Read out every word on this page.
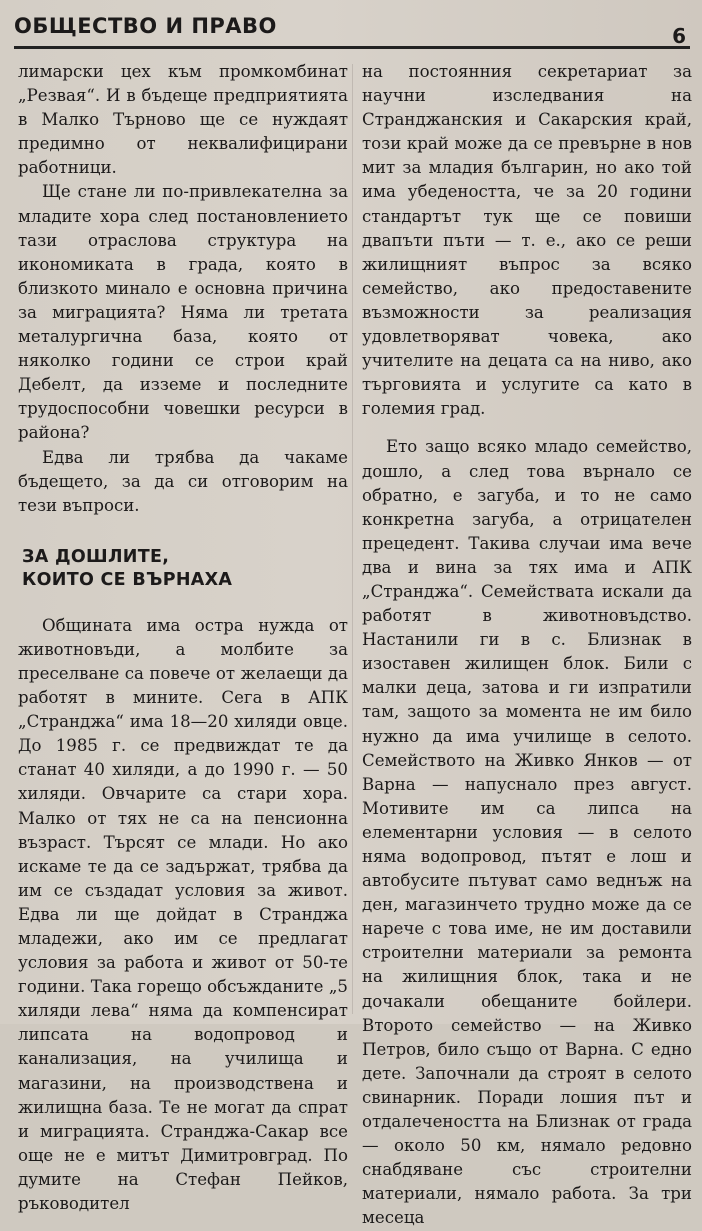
ОБЩЕСТВО И ПРАВО	6

лимарски цех към промкомбинат „Резвая“. И в бъдеще предприятията в Малко Търново ще се нуждаят предимно от неквалифицирани работници.

Ще стане ли по-привлекателна за младите хора след постановлението тази отраслова структура на икономиката в града, която в близкото минало е основна причина за миграцията? Няма ли третата металургична база, която от няколко години се строи край Дебелт, да изземе и последните трудоспособни човешки ресурси в района?

Едва ли трябва да чакаме бъдещето, за да си отговорим на тези въпроси.

ЗА ДОШЛИТЕ,
КОИТО СЕ ВЪРНАХА

Общината има остра нужда от животновъди, а молбите за преселване са повече от желаещи да работят в мините. Сега в АПК „Странджа“ има 18—20 хиляди овце. До 1985 г. се предвиждат те да станат 40 хиляди, а до 1990 г. — 50 хиляди. Овчарите са стари хора. Малко от тях не са на пенсионна възраст. Търсят се млади. Но ако искаме те да се задържат, трябва да им се създадат условия за живот. Едва ли ще дойдат в Странджа младежи, ако им се предлагат условия за работа и живот от 50-те години. Така горещо обсъжданите „5 хиляди лева“ няма да компенсират липсата на водопровод и канализация, на училища и магазини, на производствена и жилищна база. Те не могат да спрат и миграцията. Странджа-Сакар все още не е митът Димитровград. По думите на Стефан Пейков, ръководител

на постоянния секретариат за научни изследвания на Странджанския и Сакарския край, този край може да се превърне в нов мит за младия българин, но ако той има убедеността, че за 20 години стандартът тук ще се повиши двапъти пъти — т. е., ако се реши жилищният въпрос за всяко семейство, ако предоставените възможности за реализация удовлетворяват човека, ако учителите на децата са на ниво, ако търговията и услугите са като в големия град.

Ето защо всяко младо семейство, дошло, а след това върнало се обратно, е загуба, и то не само конкретна загуба, а отрицателен прецедент. Такива случаи има вече два и вина за тях има и АПК „Странджа“. Семействата искали да работят в животновъдство. Настанили ги в с. Близнак в изоставен жилищен блок. Били с малки деца, затова и ги изпратили там, защото за момента не им било нужно да има училище в селото. Семейството на Живко Янков — от Варна — напуснало през август. Мотивите им са липса на елементарни условия — в селото няма водопровод, пътят е лош и автобусите пътуват само веднъж на ден, магазинчето трудно може да се нарече с това име, не им доставили строителни материали за ремонта на жилищния блок, така и не дочакали обещаните бойлери. Второто семейство — на Живко Петров, било също от Варна. С едно дете. Започнали да строят в селото свинарник. Поради лошия път и отдалечеността на Близнак от града — около 50 км, нямало редовно снабдяване със строителни материали, нямало работа. За три месеца
